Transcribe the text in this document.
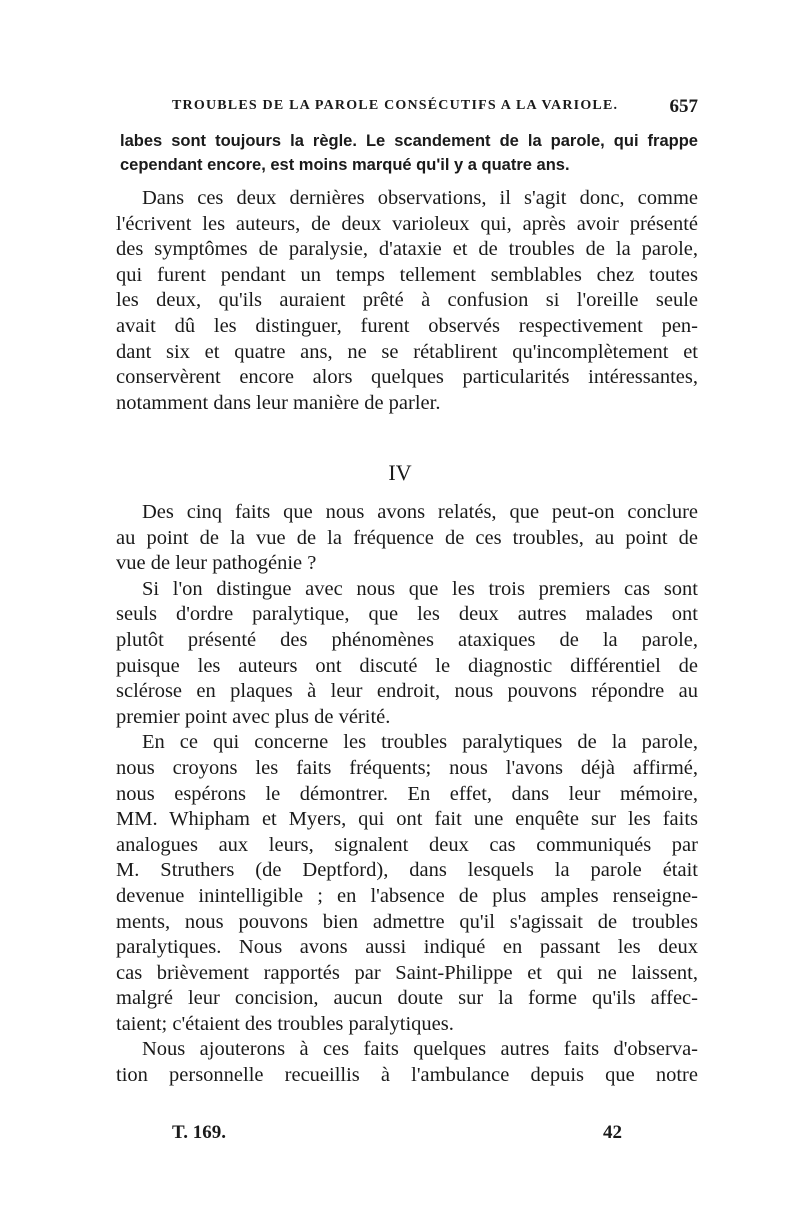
TROUBLES DE LA PAROLE CONSÉCUTIFS A LA VARIOLE.	657
labes sont toujours la règle. Le scandement de la parole, qui frappe
cependant encore, est moins marqué qu'il y a quatre ans.
Dans ces deux dernières observations, il s'agit donc, comme
l'écrivent les auteurs, de deux varioleux qui, après avoir présenté
des symptômes de paralysie, d'ataxie et de troubles de la parole,
qui furent pendant un temps tellement semblables chez toutes
les deux, qu'ils auraient prêté à confusion si l'oreille seule
avait dû les distinguer, furent observés respectivement pen-
dant six et quatre ans, ne se rétablirent qu'incomplètement et
conservèrent encore alors quelques particularités intéressantes,
notamment dans leur manière de parler.
IV
Des cinq faits que nous avons relatés, que peut-on conclure
au point de la vue de la fréquence de ces troubles, au point de
vue de leur pathogénie ?
Si l'on distingue avec nous que les trois premiers cas sont
seuls d'ordre paralytique, que les deux autres malades ont
plutôt présenté des phénomènes ataxiques de la parole,
puisque les auteurs ont discuté le diagnostic différentiel de
sclérose en plaques à leur endroit, nous pouvons répondre au
premier point avec plus de vérité.
En ce qui concerne les troubles paralytiques de la parole,
nous croyons les faits fréquents; nous l'avons déjà affirmé,
nous espérons le démontrer. En effet, dans leur mémoire,
MM. Whipham et Myers, qui ont fait une enquête sur les faits
analogues aux leurs, signalent deux cas communiqués par
M. Struthers (de Deptford), dans lesquels la parole était
devenue inintelligible ; en l'absence de plus amples renseigne-
ments, nous pouvons bien admettre qu'il s'agissait de troubles
paralytiques. Nous avons aussi indiqué en passant les deux
cas brièvement rapportés par Saint-Philippe et qui ne laissent,
malgré leur concision, aucun doute sur la forme qu'ils affec-
taient; c'étaient des troubles paralytiques.
Nous ajouterons à ces faits quelques autres faits d'observa-
tion personnelle recueillis à l'ambulance depuis que notre
T. 169.	42
